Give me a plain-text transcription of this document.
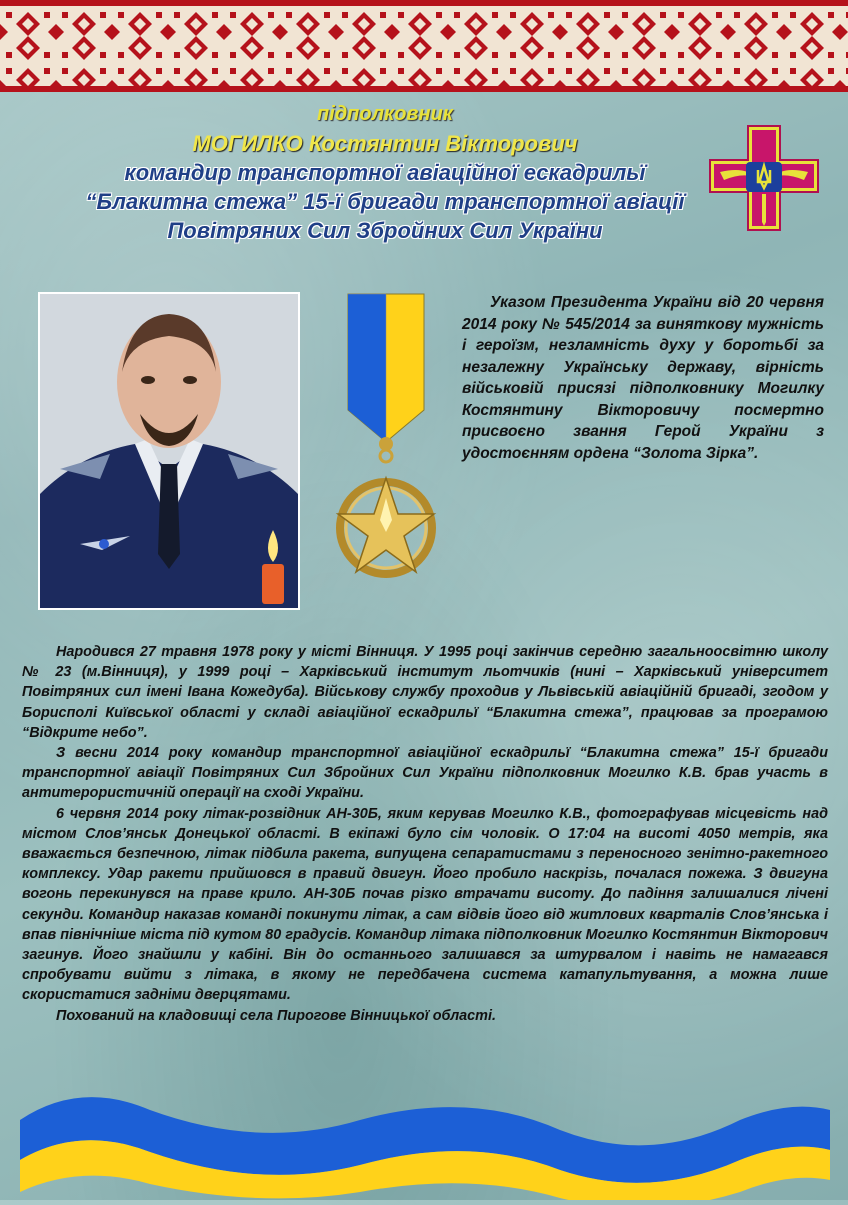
підполковник
МОГИЛКО Костянтин Вікторович
командир транспортної авіаційної ескадрильї
“Блакитна стежа” 15-ї бригади транспортної авіації
Повітряних Сил Збройних Сил України
Указом Президента України від 20 червня 2014 року № 545/2014 за виняткову мужність і героїзм, незламність духу у боротьбі за незалежну Українську державу, вірність військовій присязі підполковнику Могилку Костянтину Вікторовичу посмертно присвоєно звання Герой України з удостоєнням ордена “Золота Зірка”.

Народився 27 травня 1978 року у місті Вінниця. У 1995 році закінчив середню загальноосвітню школу № 23 (м.Вінниця), у 1999 році – Харківський інститут льотчиків (нині – Харківський університет Повітряних сил імені Івана Кожедуба). Військову службу проходив у Львівській авіаційній бригаді, згодом у Борисполі Київської області у складі авіаційної ескадрильї “Блакитна стежа”, працював за програмою “Відкрите небо”.

З весни 2014 року командир транспортної авіаційної ескадрильї “Блакитна стежа” 15-ї бригади транспортної авіації Повітряних Сил Збройних Сил України підполковник Могилко К.В. брав участь в антитерористичній операції на сході України.

6 червня 2014 року літак-розвідник АН-30Б, яким керував Могилко К.В., фотографував місцевість над містом Слов’янськ Донецької області. В екіпажі було сім чоловік. О 17:04 на висоті 4050 метрів, яка вважається безпечною, літак підбила ракета, випущена сепаратистами з переносного зенітно-ракетного комплексу. Удар ракети прийшовся в правий двигун. Його пробило наскрізь, почалася пожежа. З двигуна вогонь перекинувся на праве крило. АН-30Б почав різко втрачати висоту. До падіння залишалися лічені секунди. Командир наказав команді покинути літак, а сам відвів його від житлових кварталів Слов’янська і впав північніше міста під кутом 80 градусів. Командир літака підполковник Могилко Костянтин Вікторович загинув. Його знайшли у кабіні. Він до останнього залишався за штурвалом і навіть не намагався спробувати вийти з літака, в якому не передбачена система катапультування, а можна лише скористатися задніми дверцятами.

Похований на кладовищі села Пирогове Вінницької області.
